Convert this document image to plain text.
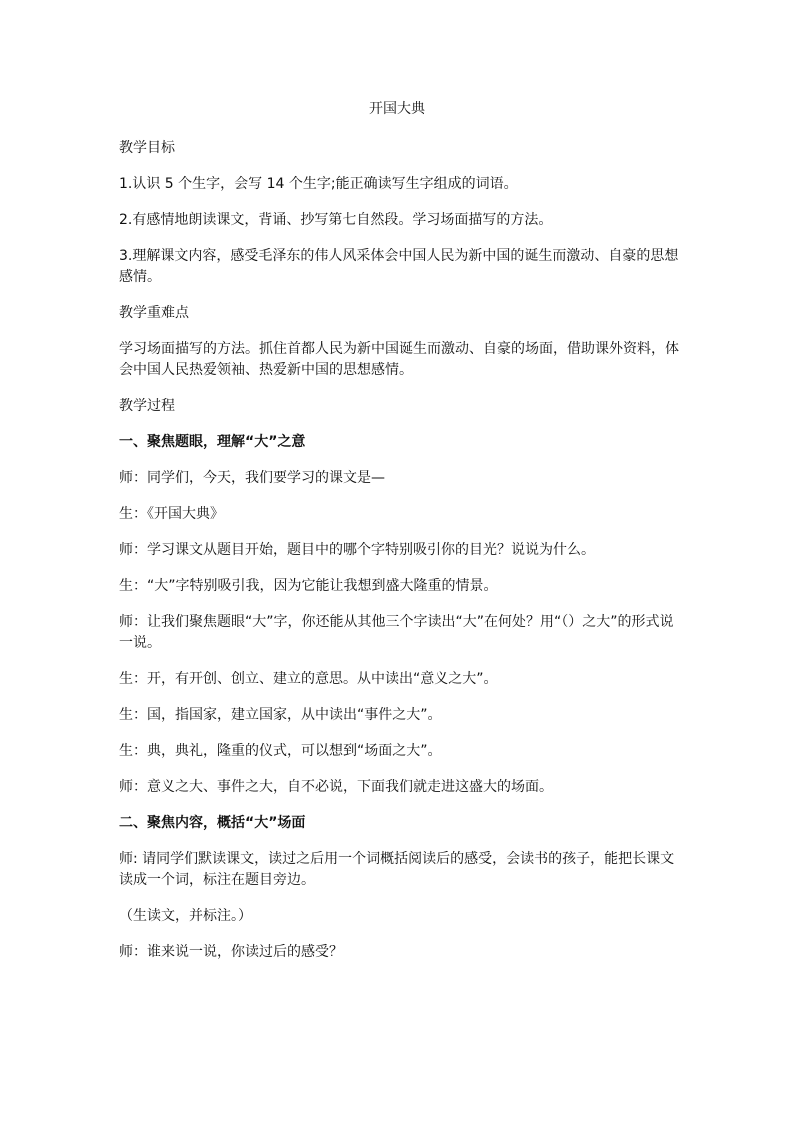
开国大典

教学目标

1.认识 5 个生字，会写 14 个生字;能正确读写生字组成的词语。

2.有感情地朗读课文，背诵、抄写第七自然段。学习场面描写的方法。

3.理解课文内容，感受毛泽东的伟人风采体会中国人民为新中国的诞生而激动、自豪的思想感情。

教学重难点

学习场面描写的方法。抓住首都人民为新中国诞生而激动、自豪的场面，借助课外资料，体会中国人民热爱领袖、热爱新中国的思想感情。

教学过程

一、聚焦题眼，理解“大”之意

师：同学们，今天，我们要学习的课文是—

生：《开国大典》

师：学习课文从题目开始，题目中的哪个字特别吸引你的目光？说说为什么。

生：“大”字特别吸引我，因为它能让我想到盛大隆重的情景。

师：让我们聚焦题眼“大”字，你还能从其他三个字读出“大”在何处？用“（）之大”的形式说一说。

生：开，有开创、创立、建立的意思。从中读出“意义之大”。

生：国，指国家，建立国家，从中读出“事件之大”。

生：典，典礼，隆重的仪式，可以想到“场面之大”。

师：意义之大、事件之大，自不必说，下面我们就走进这盛大的场面。

二、聚焦内容，概括“大”场面

师: 请同学们默读课文，读过之后用一个词概括阅读后的感受，会读书的孩子，能把长课文读成一个词，标注在题目旁边。

（生读文，并标注。）

师：谁来说一说，你读过后的感受？
